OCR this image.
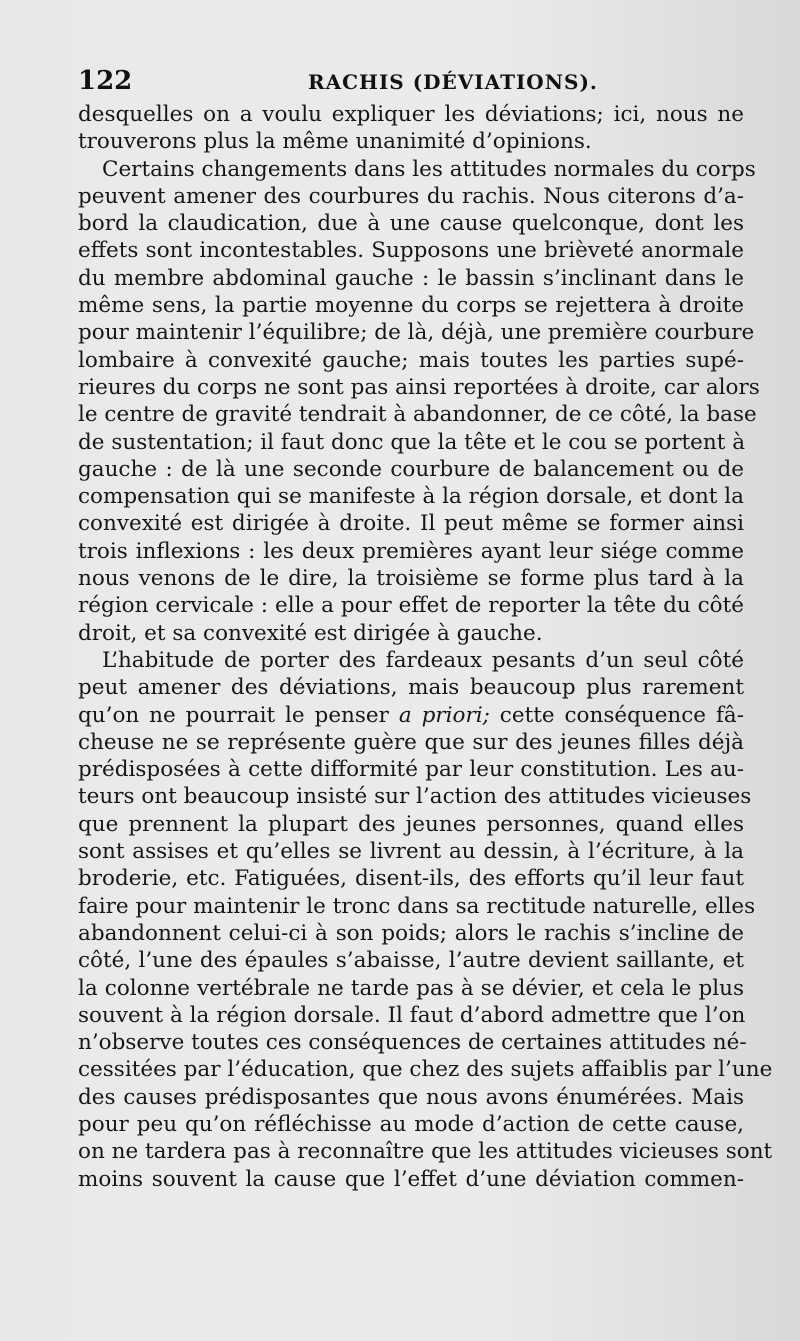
122	RACHIS (DÉVIATIONS).
desquelles on a voulu expliquer les déviations; ici, nous ne
trouverons plus la même unanimité d’opinions.
Certains changements dans les attitudes normales du corps
peuvent amener des courbures du rachis. Nous citerons d’a-
bord la claudication, due à une cause quelconque, dont les
effets sont incontestables. Supposons une brièveté anormale
du membre abdominal gauche : le bassin s’inclinant dans le
même sens, la partie moyenne du corps se rejettera à droite
pour maintenir l’équilibre; de là, déjà, une première courbure
lombaire à convexité gauche; mais toutes les parties supé-
rieures du corps ne sont pas ainsi reportées à droite, car alors
le centre de gravité tendrait à abandonner, de ce côté, la base
de sustentation; il faut donc que la tête et le cou se portent à
gauche : de là une seconde courbure de balancement ou de
compensation qui se manifeste à la région dorsale, et dont la
convexité est dirigée à droite. Il peut même se former ainsi
trois inflexions : les deux premières ayant leur siége comme
nous venons de le dire, la troisième se forme plus tard à la
région cervicale : elle a pour effet de reporter la tête du côté
droit, et sa convexité est dirigée à gauche.
L’habitude de porter des fardeaux pesants d’un seul côté
peut amener des déviations, mais beaucoup plus rarement
qu’on ne pourrait le penser a priori; cette conséquence fâ-
cheuse ne se représente guère que sur des jeunes filles déjà
prédisposées à cette difformité par leur constitution. Les au-
teurs ont beaucoup insisté sur l’action des attitudes vicieuses
que prennent la plupart des jeunes personnes, quand elles
sont assises et qu’elles se livrent au dessin, à l’écriture, à la
broderie, etc. Fatiguées, disent-ils, des efforts qu’il leur faut
faire pour maintenir le tronc dans sa rectitude naturelle, elles
abandonnent celui-ci à son poids; alors le rachis s’incline de
côté, l’une des épaules s’abaisse, l’autre devient saillante, et
la colonne vertébrale ne tarde pas à se dévier, et cela le plus
souvent à la région dorsale. Il faut d’abord admettre que l’on
n’observe toutes ces conséquences de certaines attitudes né-
cessitées par l’éducation, que chez des sujets affaiblis par l’une
des causes prédisposantes que nous avons énumérées. Mais
pour peu qu’on réfléchisse au mode d’action de cette cause,
on ne tardera pas à reconnaître que les attitudes vicieuses sont
moins souvent la cause que l’effet d’une déviation commen-
